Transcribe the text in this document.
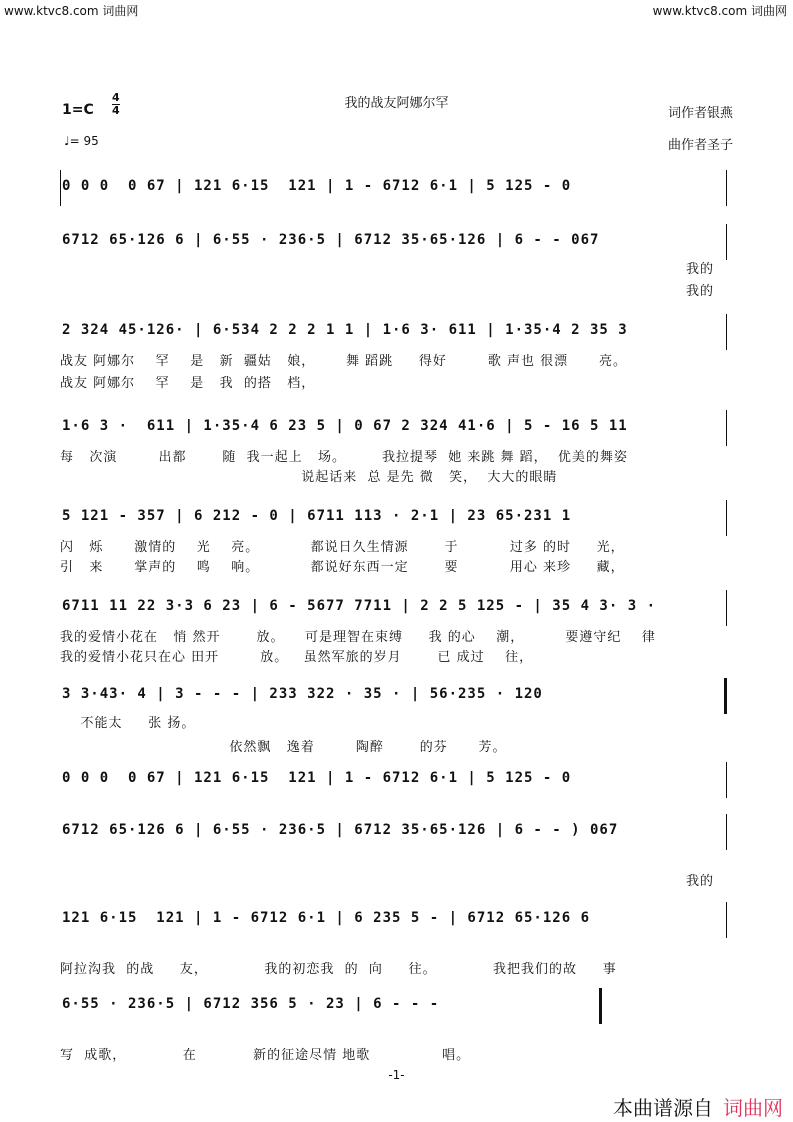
www.ktvc8.com 词曲网	www.ktvc8.com 词曲网
我的战友阿娜尔罕
$1=C \frac{4}{4}$
♩= 95
词作者银燕
曲作者圣子
0 0 0  0 67 | 121 6·15  121 | 1 - 6712 6·1 | 5 125 - 0
6712 65·126 6 | 6·55 · 236·5 | 6712 35·65·126 | 6 - - 067
我的
我的
2 324 45·126· | 6·534 2 2 2 1 1 | 1·6 3· 611 | 1·35·4 2 35 3
战友 阿娜尔    罕    是   新  疆姑   娘，      舞 蹈跳     得好        歌 声也 很漂      亮。
战友 阿娜尔    罕    是   我  的搭   档，
1·6 3 ·  611 | 1·35·4 6 23 5 | 0 67 2 324 41·6 | 5 - 16 5 11
每   次演        出都       随  我一起上   场。       我拉提琴  她 来跳 舞 蹈，  优美的舞姿
说起话来  总 是先 微   笑，  大大的眼睛
5 121 - 357 | 6 212 - 0 | 6711 113 · 2·1 | 23 65·231 1
闪   烁      激情的    光    亮。          都说日久生情源       于          过多 的时     光，
引   来      掌声的    鸣    响。          都说好东西一定       要          用心 来珍     藏，
6711 11 22 3·3 6 23 | 6 - 5677 7711 | 2 2 5 125 - | 35 4 3· 3 ·
我的爱情小花在   悄 然开       放。    可是理智在束缚     我 的心    潮，        要遵守纪    律
我的爱情小花只在心 田开        放。   虽然军旅的岁月       已 成过    往，
3 3·43· 4 | 3 - - - | 233 322 · 35 · | 56·235 · 120
不能太     张 扬。
依然飘   逸着        陶醉       的芬      芳。
0 0 0  0 67 | 121 6·15  121 | 1 - 6712 6·1 | 5 125 - 0
6712 65·126 6 | 6·55 · 236·5 | 6712 35·65·126 | 6 - - ) 067
我的
121 6·15  121 | 1 - 6712 6·1 | 6 235 5 - | 6712 65·126 6
阿拉沟我  的战     友，           我的初恋我  的  向     往。           我把我们的故     事
6·55 · 236·5 | 6712 356 5 · 23 | 6 - - -
写  成歌，           在           新的征途尽情 地歌              唱。
-1-
本曲谱源自 词曲网
